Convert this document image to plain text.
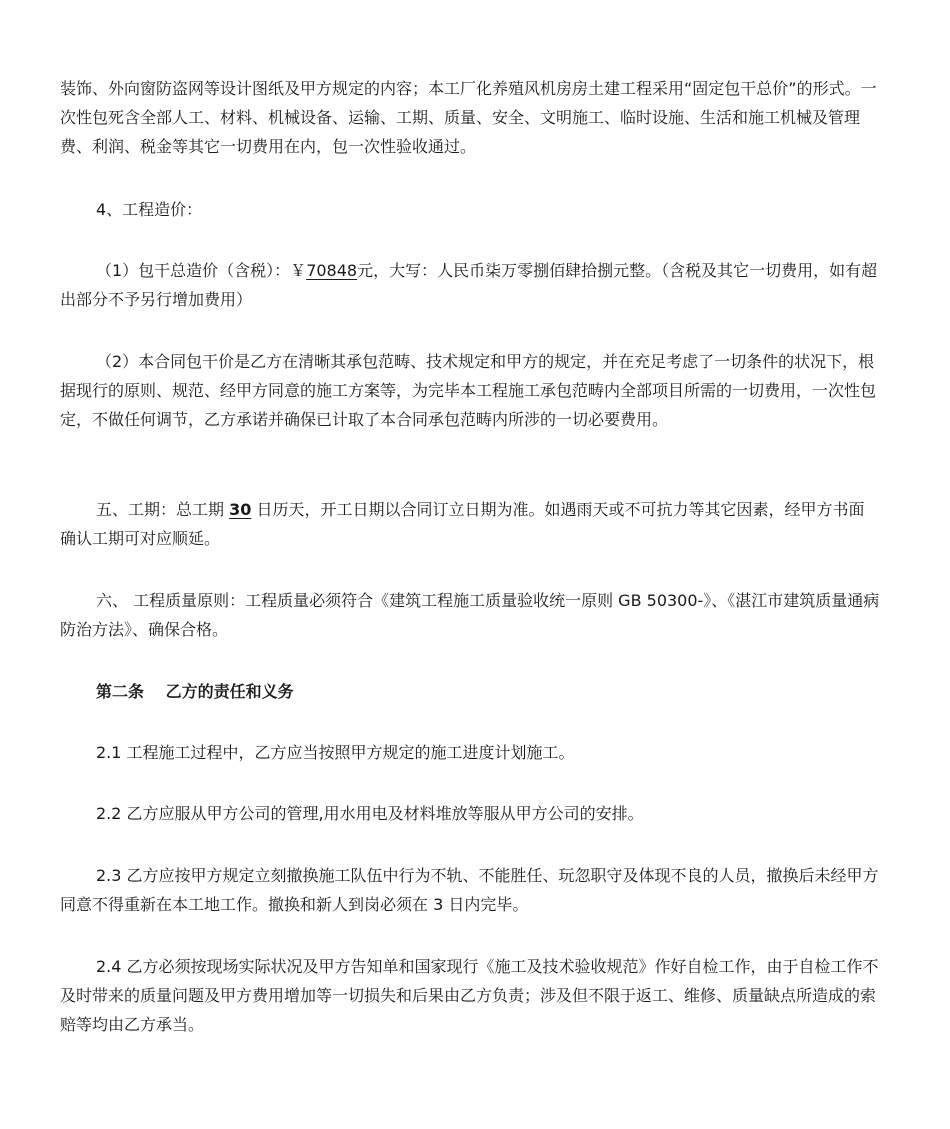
装饰、外向窗防盗网等设计图纸及甲方规定的内容；本工厂化养殖风机房房土建工程采用“固定包干总价”的形式。一次性包死含全部人工、材料、机械设备、运输、工期、质量、安全、文明施工、临时设施、生活和施工机械及管理费、利润、税金等其它一切费用在内，包一次性验收通过。

4、工程造价：

（1）包干总造价（含税）：￥70848元，大写：人民币柒万零捌佰肆拾捌元整。（含税及其它一切费用，如有超出部分不予另行增加费用）

（2）本合同包干价是乙方在清晰其承包范畴、技术规定和甲方的规定，并在充足考虑了一切条件的状况下，根据现行的原则、规范、经甲方同意的施工方案等，为完毕本工程施工承包范畴内全部项目所需的一切费用，一次性包定，不做任何调节，乙方承诺并确保已计取了本合同承包范畴内所涉的一切必要费用。

五、工期：总工期 30 日历天，开工日期以合同订立日期为准。如遇雨天或不可抗力等其它因素，经甲方书面确认工期可对应顺延。

六、 工程质量原则：工程质量必须符合《建筑工程施工质量验收统一原则 GB 50300-》、《湛江市建筑质量通病防治方法》、确保合格。

第二条　 乙方的责任和义务

2.1 工程施工过程中，乙方应当按照甲方规定的施工进度计划施工。

2.2 乙方应服从甲方公司的管理,用水用电及材料堆放等服从甲方公司的安排。

2.3 乙方应按甲方规定立刻撤换施工队伍中行为不轨、不能胜任、玩忽职守及体现不良的人员，撤换后未经甲方同意不得重新在本工地工作。撤换和新人到岗必须在 3 日内完毕。

2.4 乙方必须按现场实际状况及甲方告知单和国家现行《施工及技术验收规范》作好自检工作，由于自检工作不及时带来的质量问题及甲方费用增加等一切损失和后果由乙方负责；涉及但不限于返工、维修、质量缺点所造成的索赔等均由乙方承当。
